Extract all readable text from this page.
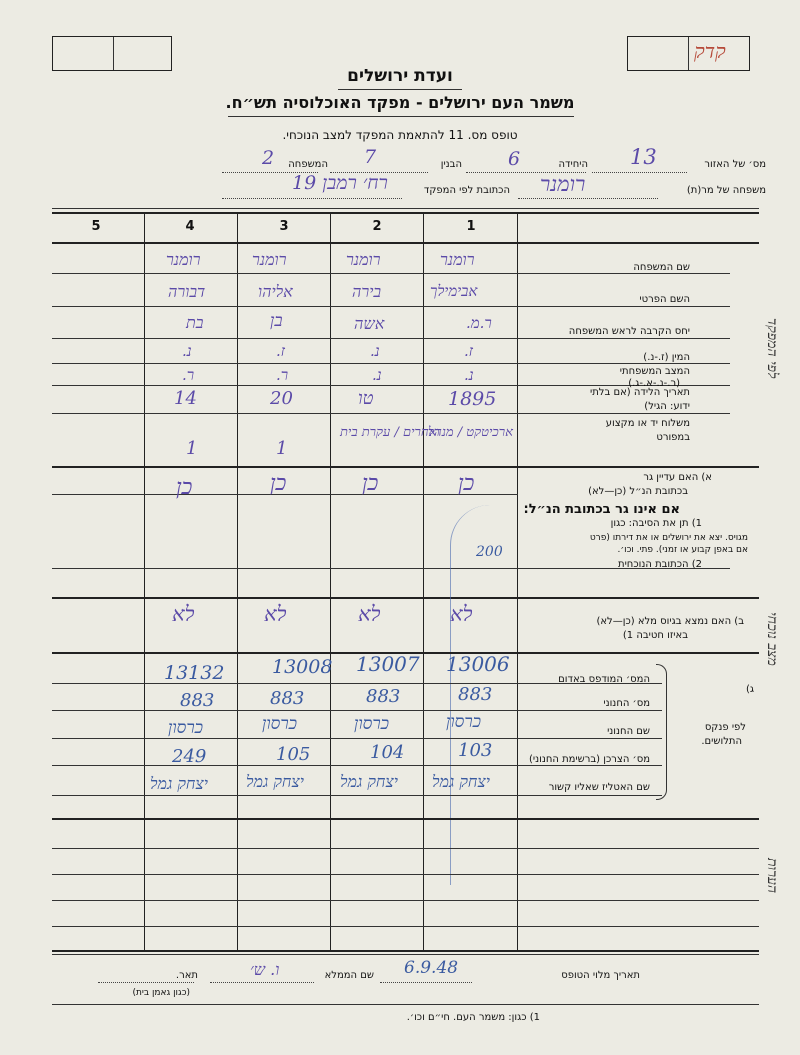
קדק
ועדת ירושלים
משמר העם ירושלים - מפקד האוכלוסיה תש״ח.
טופס מס. 11 להתאמת המפקד למצב הנוכחי.
מס׳ של האזור
13
היחידה
6
הבנין
7
המשפחה
2
משפחה של מר(ת)
רומנר
הכתובת לפי המפקד
רח׳ רמבן 19
1
2
3
4
5
שם המשפחה
השם הפרטי
יחס הקרבה לראש המשפחה
המין (ז.-נ.)
המצב המשפחתי
(ר.-נ.-א.-ג.)
תאריך הלידה (אם בלתי
ידוע: הגיל)
משלוח יד או מקצוע
במפורט
רומנר
רומנר
רומנר
רומנר
אבימילך
בירה
אליהו
דבורה
ר.מ.
אשה
בן
בת
ז.
נ.
ז.
נ.
נ.
נ.
ר.
ר.
1895
טו
20
14
ארכיטקט / מנהל
ואחרים / עקרת בית
1
1
א) האם עדיין גר
בכתובת הנ״ל (כן—לא)
אם אינו גר בכתובת הנ״ל:
1) תן את הסיבה: כגון
מגויס. יצא את ירושלים או את דירתו (פרט
אם באפן קבוע או זמני). פתי. וכו׳.
2) הכתובת הנוכחית
כן
כן
כן
כן
200
ב) האם נמצא בגיוס מלא (כן—לא)
באיזו חטיבה 1)
לא
לא
לא
לא
ג)
לפי פנקס
התלושים.
המס׳ המודפס באדום
מס׳ החנוני
שם החנוני
מס׳ הצרכן (ברשימת החנוני)
שם האטליז שאליו קשור
13006
13007
13008
13132
883
883
883
883
כרסון
כרסון
כרסון
כרסון
103
104
105
249
יצחק גמל
יצחק גמל
יצחק גמל
יצחק גמל
לפי המפקד
מצב נוכחי
הערות
תאריך מלוי הטופס
6.9.48
שם הממלא
ו. ש׳
תאר.
(כגון גאמן בית)
1) כגון: משמר העם. חי״ם וכו׳.
